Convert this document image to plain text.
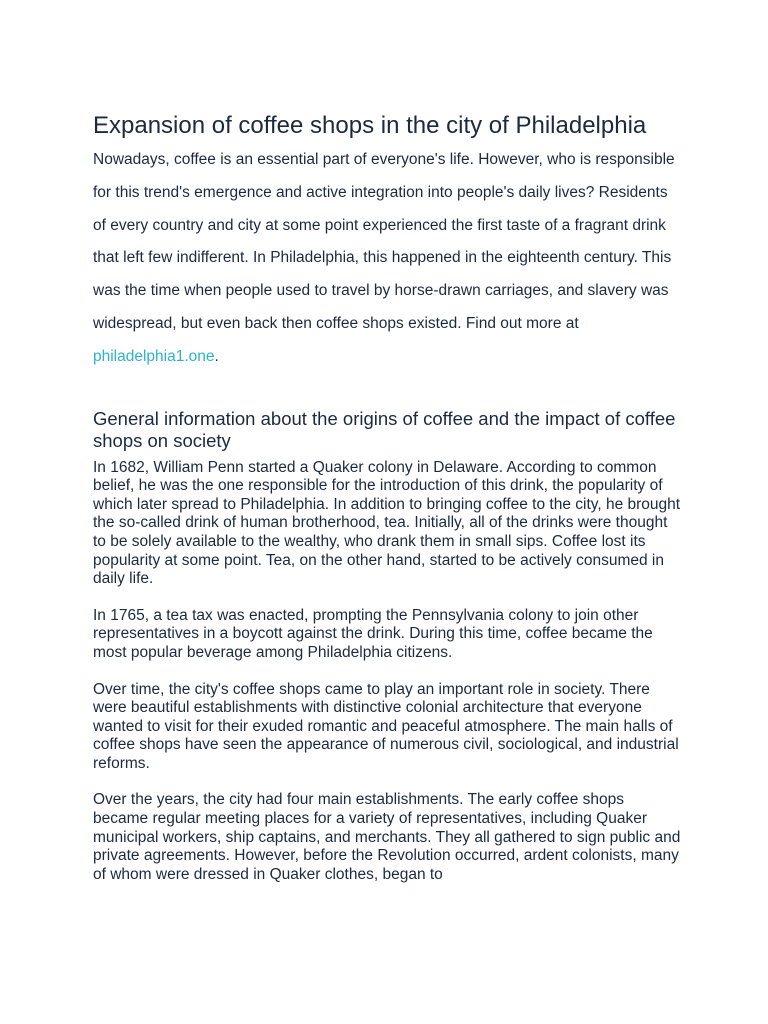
Expansion of coffee shops in the city of Philadelphia

Nowadays, coffee is an essential part of everyone's life. However, who is responsible for this trend's emergence and active integration into people's daily lives? Residents of every country and city at some point experienced the first taste of a fragrant drink that left few indifferent. In Philadelphia, this happened in the eighteenth century. This was the time when people used to travel by horse-drawn carriages, and slavery was widespread, but even back then coffee shops existed. Find out more at philadelphia1.one.

General information about the origins of coffee and the impact of coffee shops on society

In 1682, William Penn started a Quaker colony in Delaware. According to common belief, he was the one responsible for the introduction of this drink, the popularity of which later spread to Philadelphia. In addition to bringing coffee to the city, he brought the so-called drink of human brotherhood, tea. Initially, all of the drinks were thought to be solely available to the wealthy, who drank them in small sips. Coffee lost its popularity at some point. Tea, on the other hand, started to be actively consumed in daily life.

In 1765, a tea tax was enacted, prompting the Pennsylvania colony to join other representatives in a boycott against the drink. During this time, coffee became the most popular beverage among Philadelphia citizens.

Over time, the city's coffee shops came to play an important role in society. There were beautiful establishments with distinctive colonial architecture that everyone wanted to visit for their exuded romantic and peaceful atmosphere. The main halls of coffee shops have seen the appearance of numerous civil, sociological, and industrial reforms.

Over the years, the city had four main establishments. The early coffee shops became regular meeting places for a variety of representatives, including Quaker municipal workers, ship captains, and merchants. They all gathered to sign public and private agreements. However, before the Revolution occurred, ardent colonists, many of whom were dressed in Quaker clothes, began to
